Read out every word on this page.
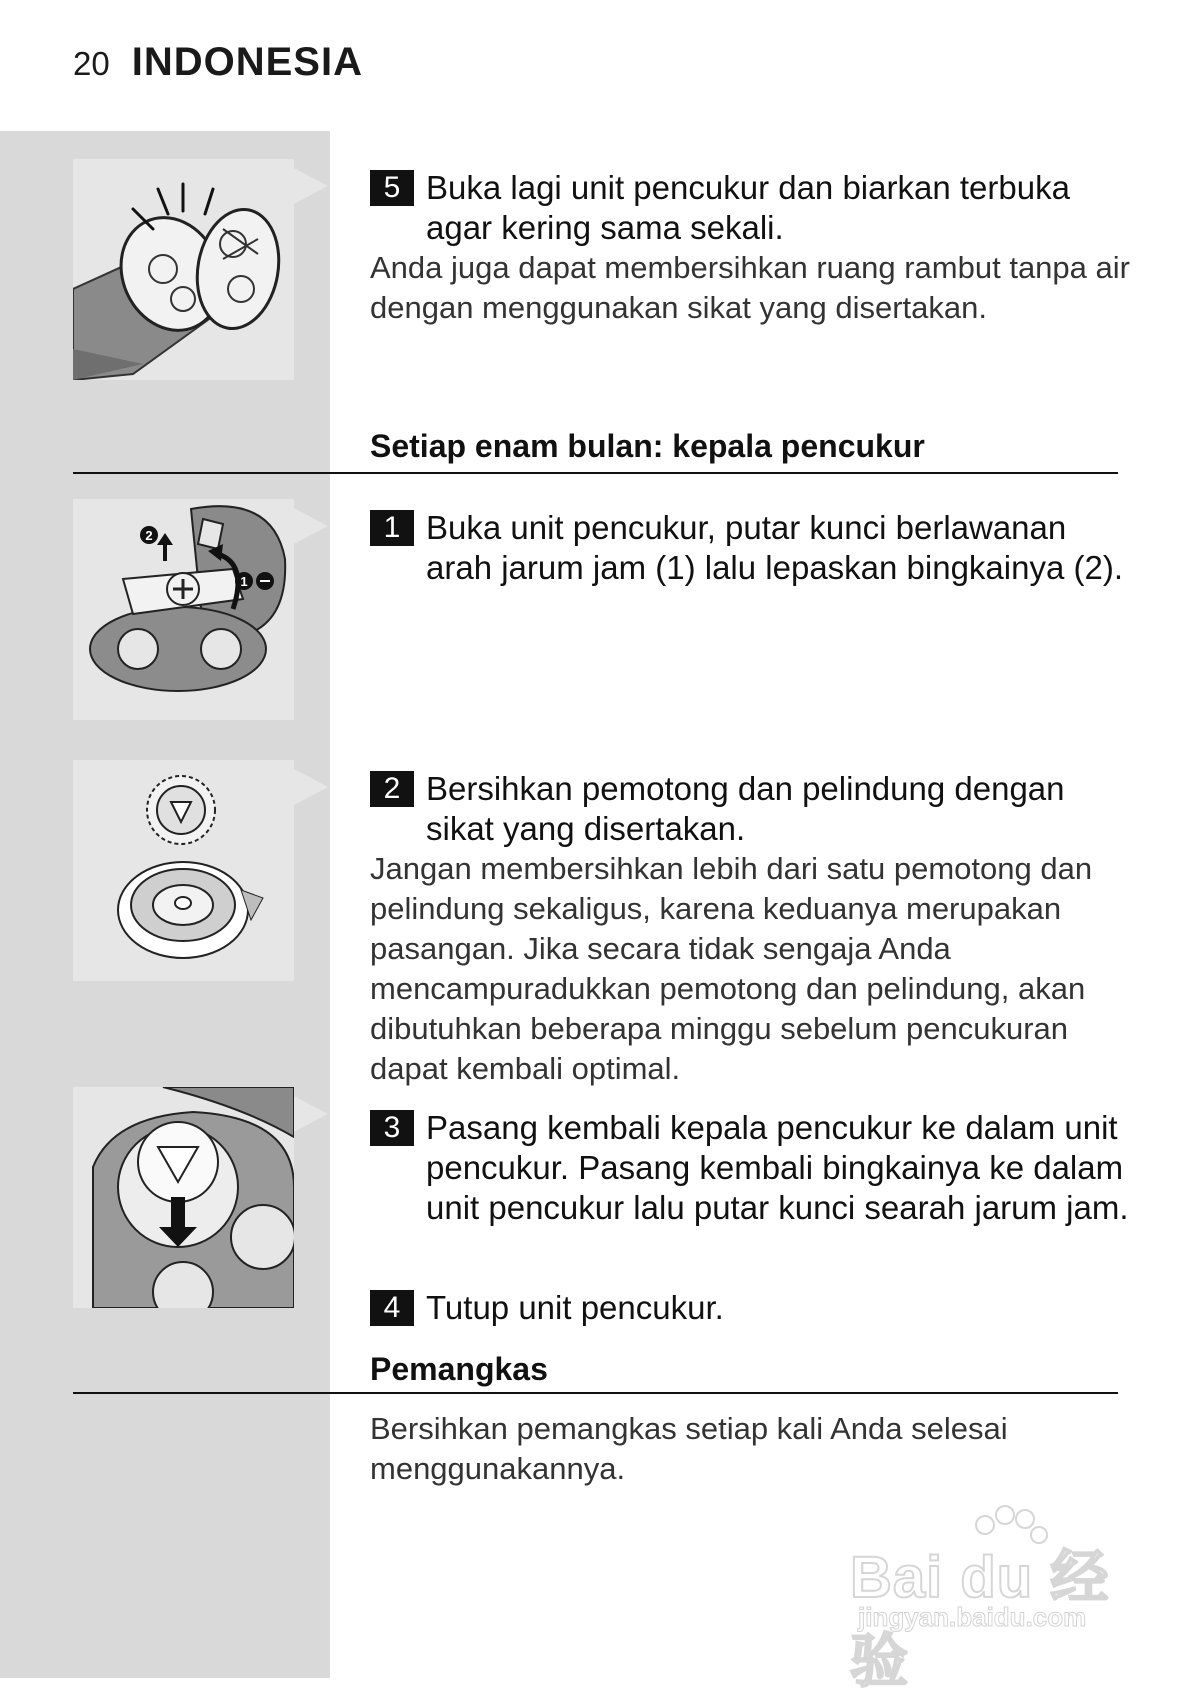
20 INDONESIA
5 Buka lagi unit pencukur dan biarkan terbuka agar kering sama sekali.
Anda juga dapat membersihkan ruang rambut tanpa air dengan menggunakan sikat yang disertakan.
Setiap enam bulan: kepala pencukur
2
1
1 Buka unit pencukur, putar kunci berlawanan arah jarum jam (1) lalu lepaskan bingkainya (2).
2 Bersihkan pemotong dan pelindung dengan sikat yang disertakan.
Jangan membersihkan lebih dari satu pemotong dan pelindung sekaligus, karena keduanya merupakan pasangan. Jika secara tidak sengaja Anda mencampuradukkan pemotong dan pelindung, akan dibutuhkan beberapa minggu sebelum pencukuran dapat kembali optimal.
3 Pasang kembali kepala pencukur ke dalam unit pencukur. Pasang kembali bingkainya ke dalam unit pencukur lalu putar kunci searah jarum jam.
4 Tutup unit pencukur.
Pemangkas
Bersihkan pemangkas setiap kali Anda selesai menggunakannya.
Bai du 经验
jingyan.baidu.com
